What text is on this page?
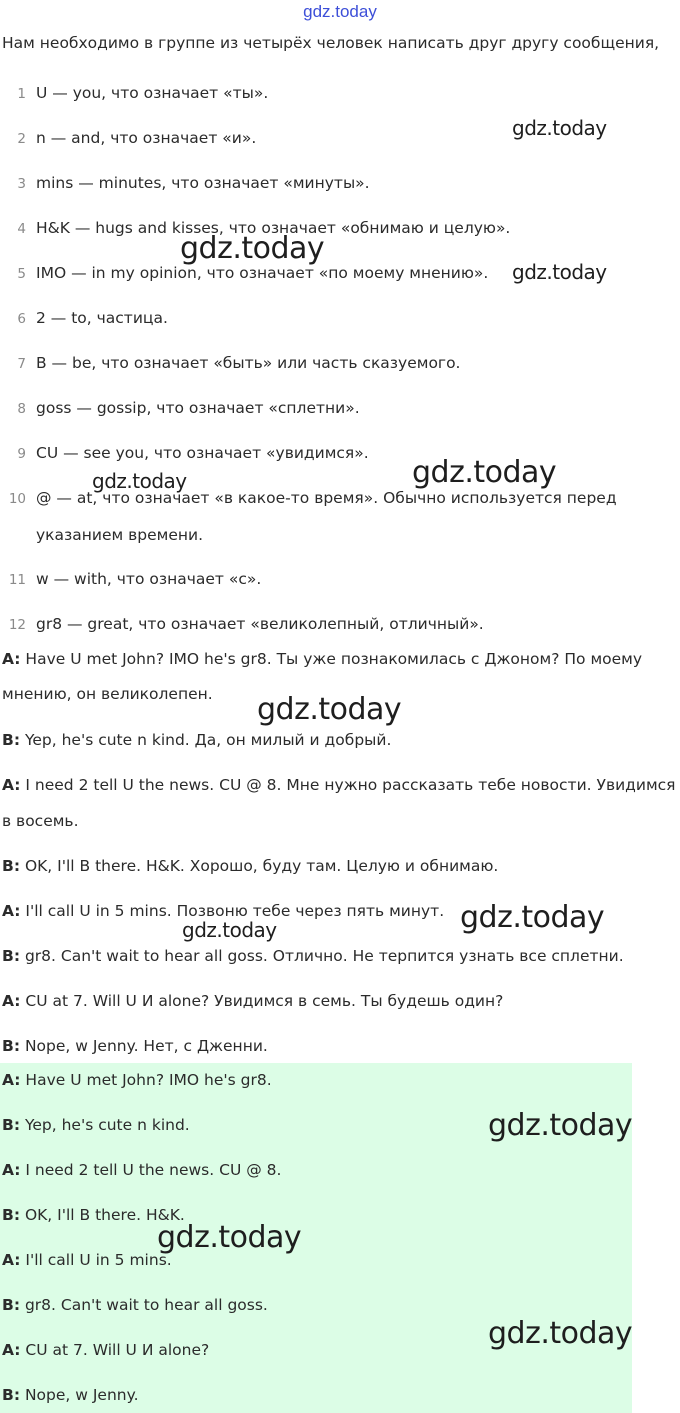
gdz.today
Нам необходимо в группе из четырёх человек написать друг другу сообщения,
1 U — you, что означает «ты».
2 n — and, что означает «и».
3 mins — minutes, что означает «минуты».
4 H&K — hugs and kisses, что означает «обнимаю и целую».
5 IMO — in my opinion, что означает «по моему мнению».
6 2 — to, частица.
7 B — be, что означает «быть» или часть сказуемого.
8 goss — gossip, что означает «сплетни».
9 CU — see you, что означает «увидимся».
10 @ — at, что означает «в какое-то время». Обычно используется перед
указанием времени.
11 w — with, что означает «с».
12 gr8 — great, что означает «великолепный, отличный».
A: Have U met John? IMO he's gr8. Ты уже познакомилась с Джоном? По моему
мнению, он великолепен.
B: Yep, he's cute n kind. Да, он милый и добрый.
A: I need 2 tell U the news. CU @ 8. Мне нужно рассказать тебе новости. Увидимся
в восемь.
B: OK, I'll B there. H&K. Хорошо, буду там. Целую и обнимаю.
A: I'll call U in 5 mins. Позвоню тебе через пять минут.
B: gr8. Can't wait to hear all goss. Отлично. Не терпится узнать все сплетни.
A: CU at 7. Will U И alone? Увидимся в семь. Ты будешь один?
B: Nope, w Jenny. Нет, с Дженни.
A: Have U met John? IMO he's gr8.
B: Yep, he's cute n kind.
A: I need 2 tell U the news. CU @ 8.
B: OK, I'll B there. H&K.
A: I'll call U in 5 mins.
B: gr8. Can't wait to hear all goss.
A: CU at 7. Will U И alone?
B: Nope, w Jenny.
gdz.today
gdz.today
gdz.today
gdz.today	gdz.today
gdz.today
gdz.today
gdz.today
gdz.today
gdz.today
gdz.today
